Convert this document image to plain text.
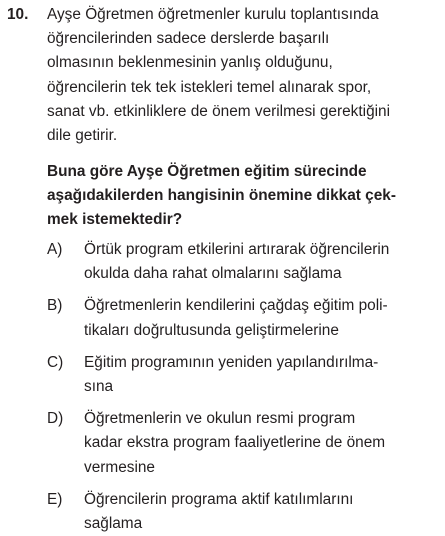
10. Ayşe Öğretmen öğretmenler kurulu toplantısında
öğrencilerinden sadece derslerde başarılı
olmasının beklenmesinin yanlış olduğunu,
öğrencilerin tek tek istekleri temel alınarak spor,
sanat vb. etkinliklere de önem verilmesi gerektiğini
dile getirir.

Buna göre Ayşe Öğretmen eğitim sürecinde
aşağıdakilerden hangisinin önemine dikkat çek-
mek istemektedir?

A)	Örtük program etkilerini artırarak öğrencilerin
okulda daha rahat olmalarını sağlama
B)	Öğretmenlerin kendilerini çağdaş eğitim poli-
tikaları doğrultusunda geliştirmelerine
C)	Eğitim programının yeniden yapılandırılma-
sına
D)	Öğretmenlerin ve okulun resmi program
kadar ekstra program faaliyetlerine de önem
vermesine
E)	Öğrencilerin programa aktif katılımlarını
sağlama
